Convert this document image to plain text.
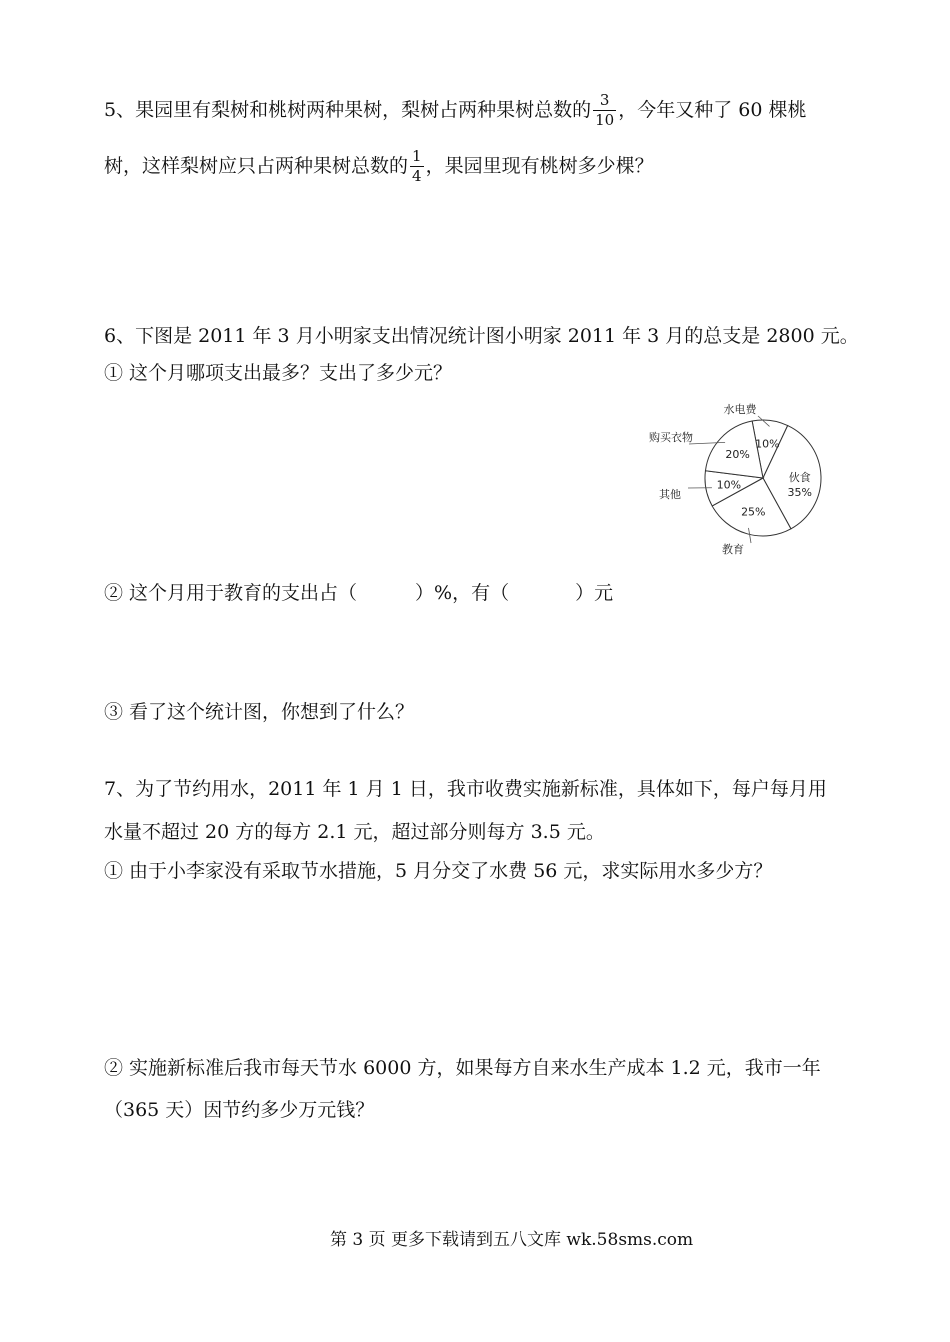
5、果园里有梨树和桃树两种果树，梨树占两种果树总数的 $\frac{3}{10}$ ，今年又种了 60 棵桃
树，这样梨树应只占两种果树总数的 $\frac{1}{4}$ ，果园里现有桃树多少棵？
6、下图是 2011 年 3 月小明家支出情况统计图小明家 2011 年 3 月的总支是 2800 元。
① 这个月哪项支出最多？支出了多少元？
10%
水电费
35%
伙食
25%
教育
10%
其他
20%
购买衣物
② 这个月用于教育的支出占（	）%，有（	）元
③ 看了这个统计图，你想到了什么？
7、为了节约用水，2011 年 1 月 1 日，我市收费实施新标准，具体如下，每户每月用
水量不超过 20 方的每方 2.1 元，超过部分则每方 3.5 元。
① 由于小李家没有采取节水措施，5 月分交了水费 56 元，求实际用水多少方？
② 实施新标准后我市每天节水 6000 方，如果每方自来水生产成本 1.2 元，我市一年
（365 天）因节约多少万元钱？
第 3 页 更多下载请到五八文库 wk.58sms.com
